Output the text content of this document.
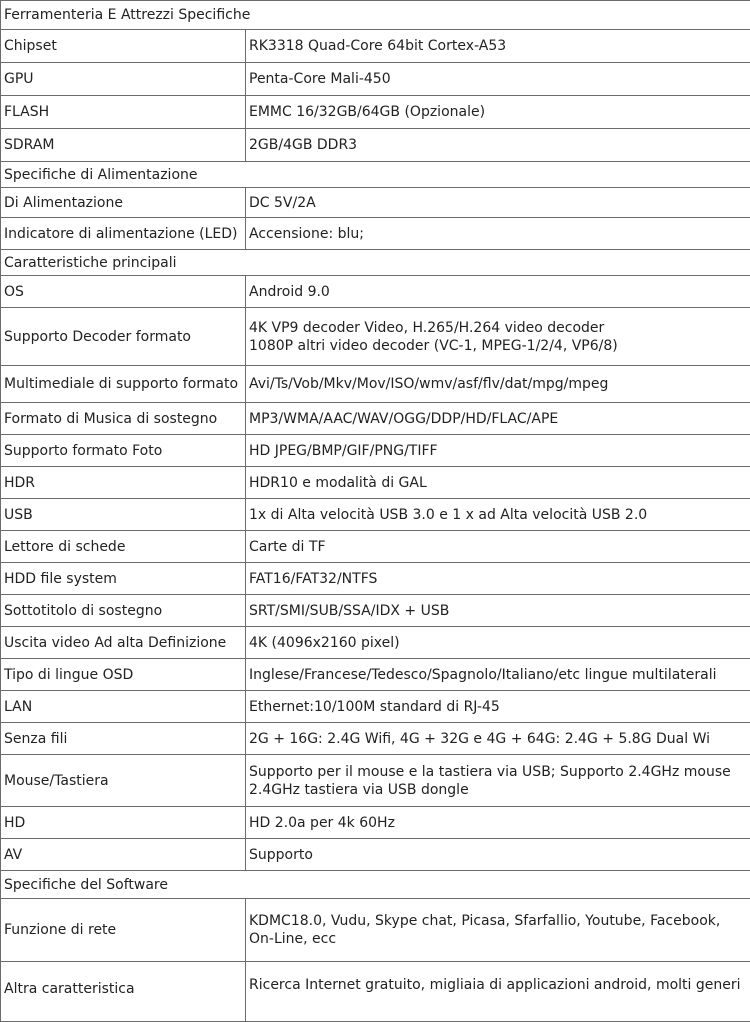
Ferramenteria E Attrezzi Specifiche	
Chipset	RK3318 Quad-Core 64bit Cortex-A53
GPU	Penta-Core Mali-450
FLASH	EMMC 16/32GB/64GB (Opzionale)
SDRAM	2GB/4GB DDR3
Specifiche di Alimentazione	
Di Alimentazione	DC 5V/2A
Indicatore di alimentazione (LED)	Accensione: blu;
Caratteristiche principali	
OS	Android 9.0
Supporto Decoder formato	4K VP9 decoder Video, H.265/H.264 video decoder
1080P altri video decoder (VC-1, MPEG-1/2/4, VP6/8)

Multimediale di supporto formato	Avi/Ts/Vob/Mkv/Mov/ISO/wmv/asf/flv/dat/mpg/mpeg
Formato di Musica di sostegno	MP3/WMA/AAC/WAV/OGG/DDP/HD/FLAC/APE
Supporto formato Foto	HD JPEG/BMP/GIF/PNG/TIFF
HDR	HDR10 e modalità di GAL
USB	1x di Alta velocità USB 3.0 e 1 x ad Alta velocità USB 2.0
Lettore di schede	Carte di TF
HDD file system	FAT16/FAT32/NTFS
Sottotitolo di sostegno	SRT/SMI/SUB/SSA/IDX + USB
Uscita video Ad alta Definizione	4K (4096x2160 pixel)
Tipo di lingue OSD	Inglese/Francese/Tedesco/Spagnolo/Italiano/etc lingue multilaterali
LAN	Ethernet:10/100M standard di RJ-45
Senza fili	2G + 16G: 2.4G Wifi, 4G + 32G e 4G + 64G: 2.4G + 5.8G Dual Wi
Mouse/Tastiera	Supporto per il mouse e la tastiera via USB; Supporto 2.4GHz mouse
2.4GHz tastiera via USB dongle

HD	HD 2.0a per 4k 60Hz
AV	Supporto
Specifiche del Software	
Funzione di rete	KDMC18.0, Vudu, Skype chat, Picasa, Sfarfallio, Youtube, Facebook,
On-Line, ecc

Altra caratteristica	Ricerca Internet gratuito, migliaia di applicazioni android, molti generi
